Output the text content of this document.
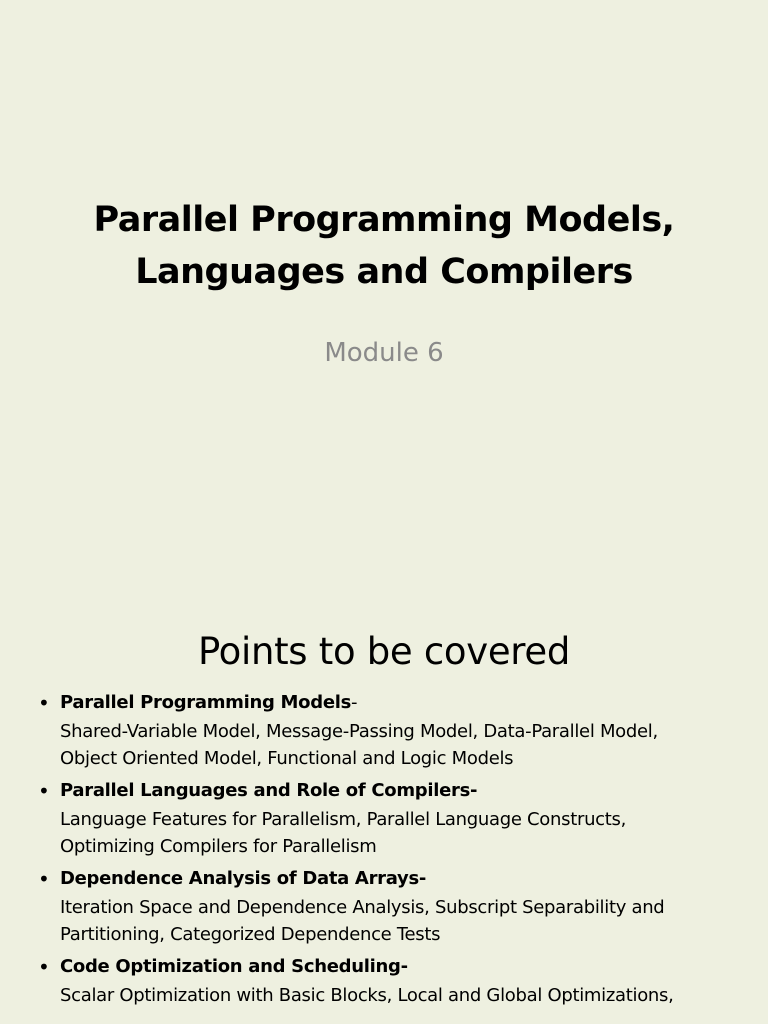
Parallel Programming Models,
Languages and Compilers
Module 6
Points to be covered
• Parallel Programming Models-
Shared-Variable Model, Message-Passing Model, Data-Parallel Model,
Object Oriented Model, Functional and Logic Models
• Parallel Languages and Role of Compilers-
Language Features for Parallelism, Parallel Language Constructs,
Optimizing Compilers for Parallelism
• Dependence Analysis of Data Arrays-
Iteration Space and Dependence Analysis, Subscript Separability and
Partitioning, Categorized Dependence Tests
• Code Optimization and Scheduling-
Scalar Optimization with Basic Blocks, Local and Global Optimizations,
